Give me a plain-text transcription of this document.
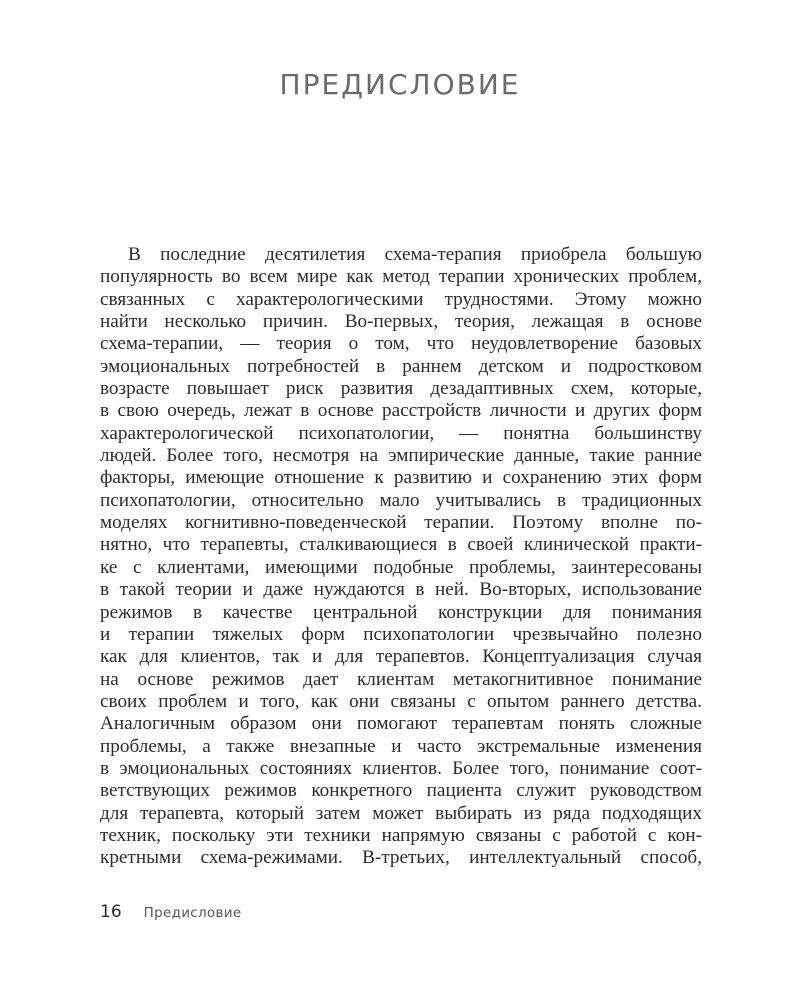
ПРЕДИСЛОВИЕ
В последние десятилетия схема-терапия приобрела большую
популярность во всем мире как метод терапии хронических проблем,
связанных с характерологическими трудностями. Этому можно
найти несколько причин. Во-первых, теория, лежащая в основе
схема-терапии, — теория о том, что неудовлетворение базовых
эмоциональных потребностей в раннем детском и подростковом
возрасте повышает риск развития дезадаптивных схем, которые,
в свою очередь, лежат в основе расстройств личности и других форм
характерологической психопатологии, — понятна большинству
людей. Более того, несмотря на эмпирические данные, такие ранние
факторы, имеющие отношение к развитию и сохранению этих форм
психопатологии, относительно мало учитывались в традиционных
моделях когнитивно-поведенческой терапии. Поэтому вполне по-
нятно, что терапевты, сталкивающиеся в своей клинической практи-
ке с клиентами, имеющими подобные проблемы, заинтересованы
в такой теории и даже нуждаются в ней. Во-вторых, использование
режимов в качестве центральной конструкции для понимания
и терапии тяжелых форм психопатологии чрезвычайно полезно
как для клиентов, так и для терапевтов. Концептуализация случая
на основе режимов дает клиентам метакогнитивное понимание
своих проблем и того, как они связаны с опытом раннего детства.
Аналогичным образом они помогают терапевтам понять сложные
проблемы, а также внезапные и часто экстремальные изменения
в эмоциональных состояниях клиентов. Более того, понимание соот-
ветствующих режимов конкретного пациента служит руководством
для терапевта, который затем может выбирать из ряда подходящих
техник, поскольку эти техники напрямую связаны с работой с кон-
кретными схема-режимами. В-третьих, интеллектуальный способ,
16 Предисловие
